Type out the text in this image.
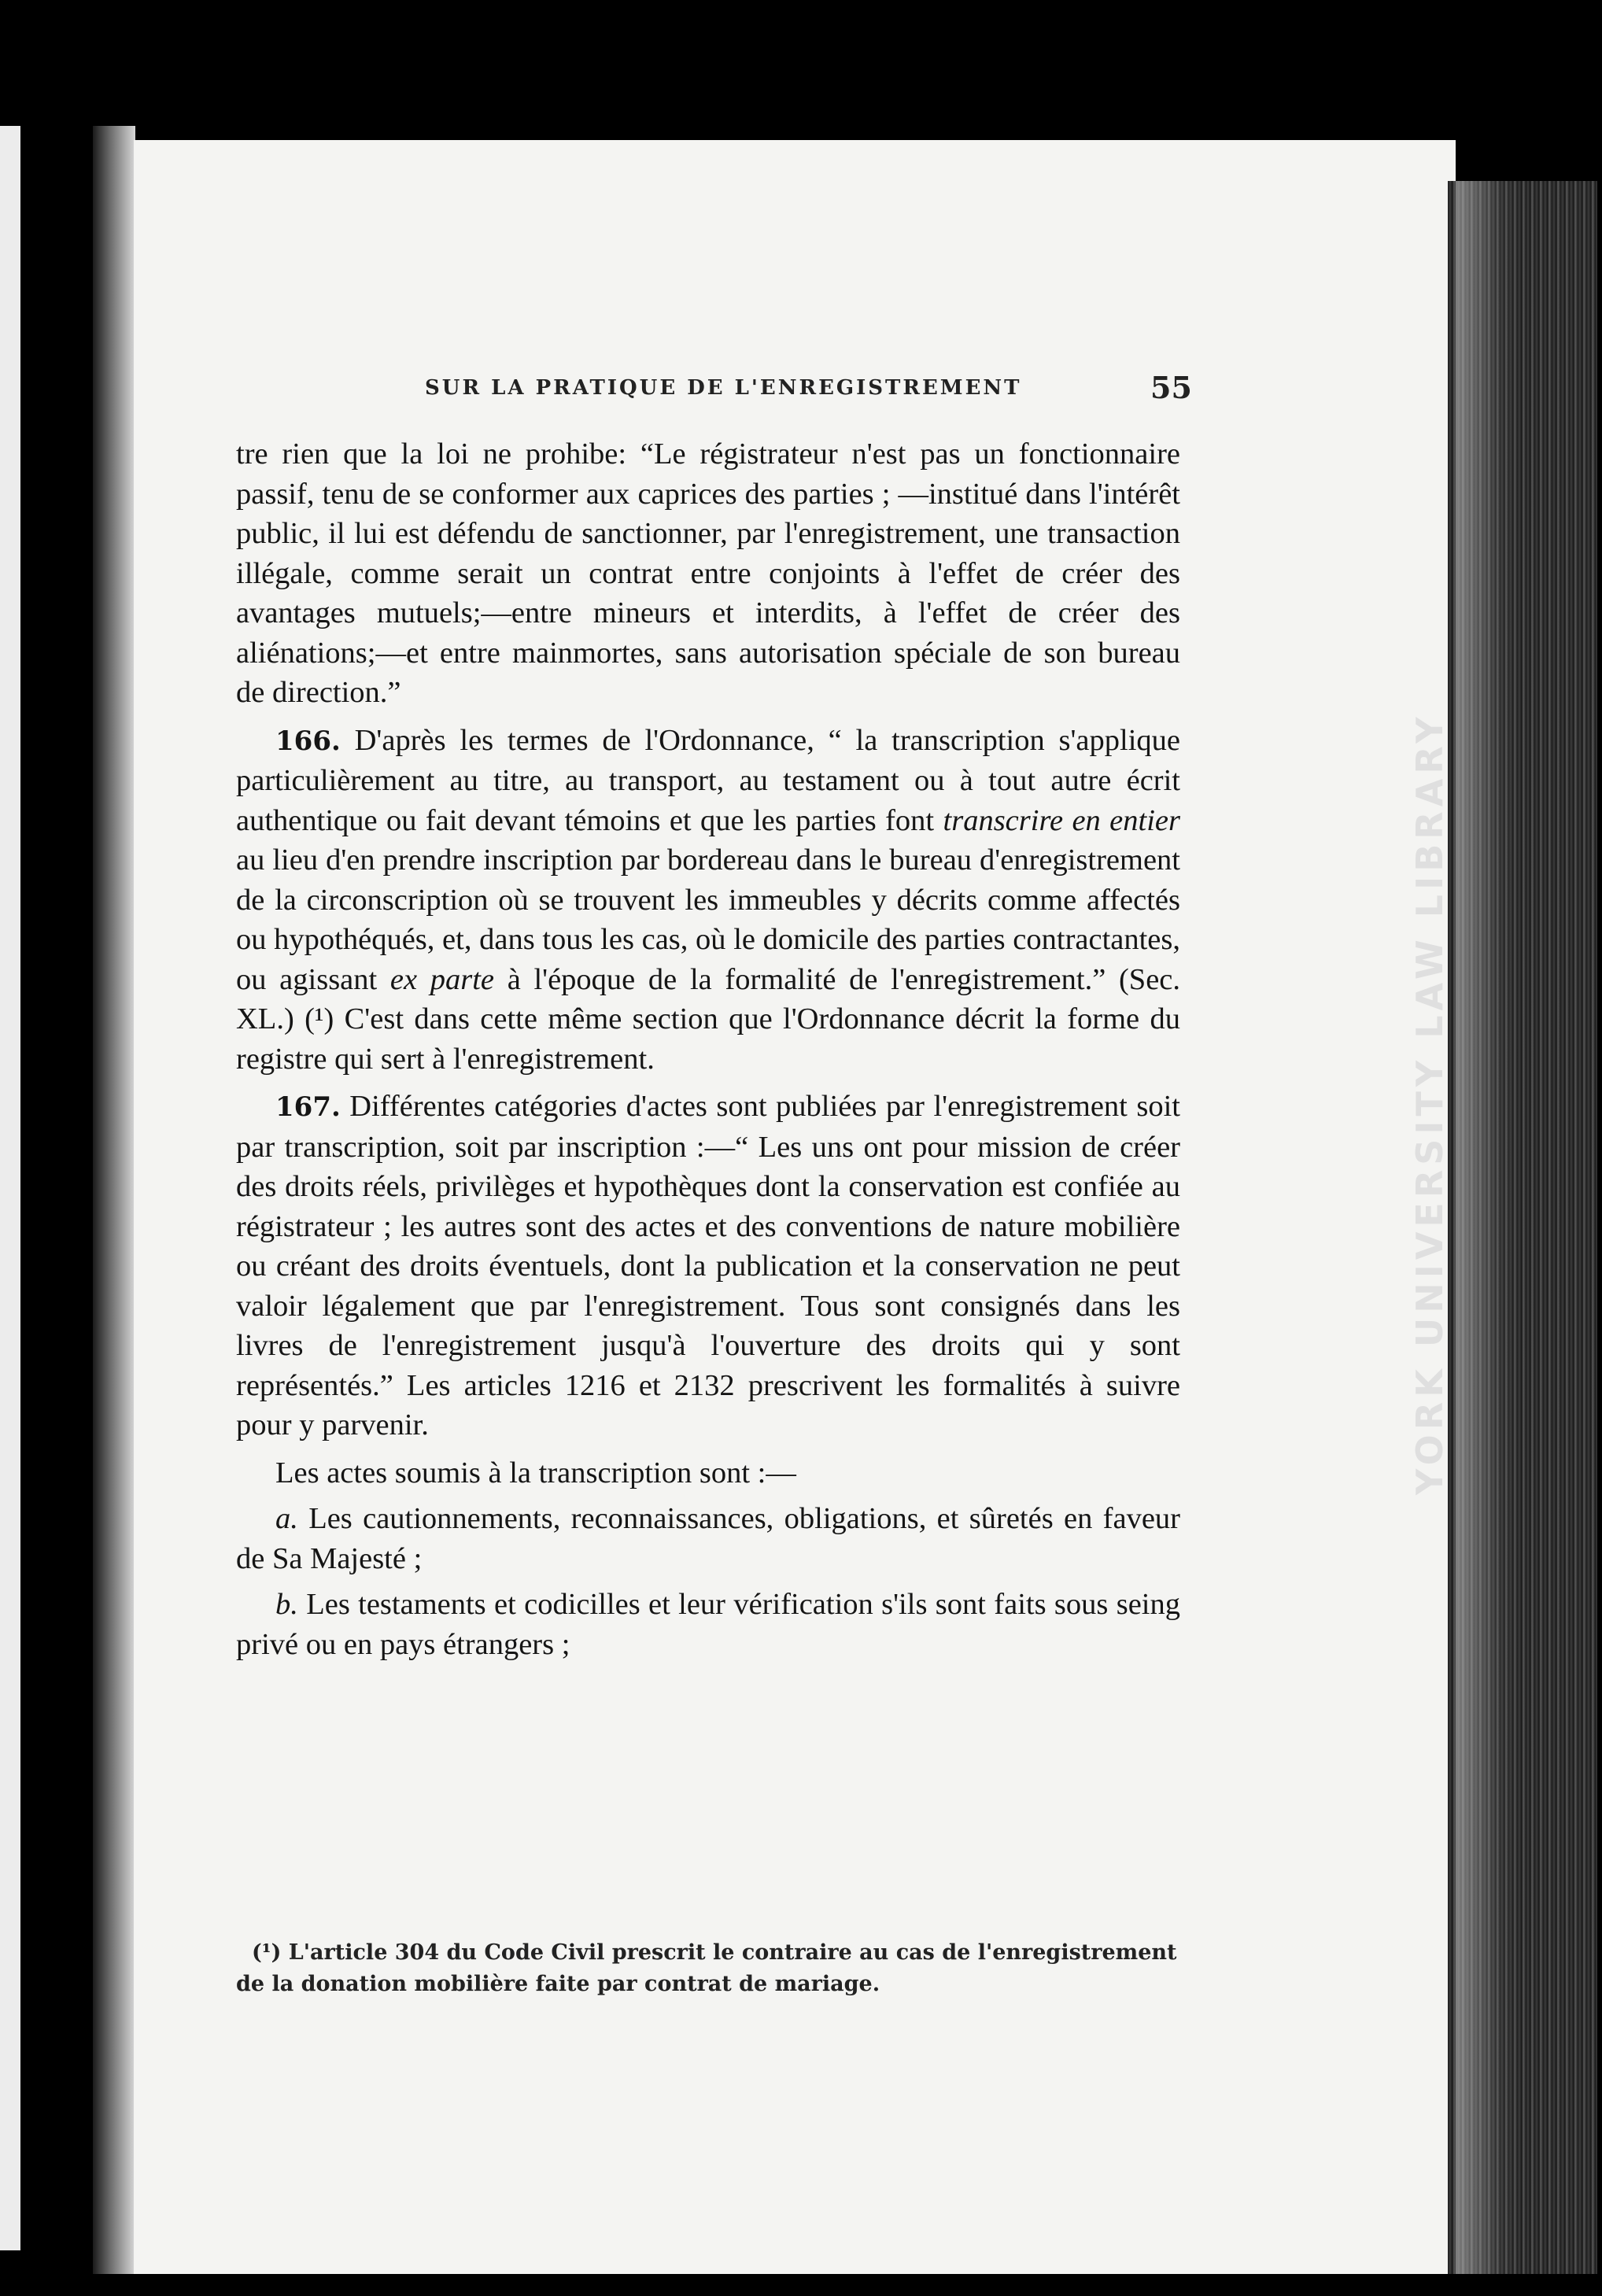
YORK UNIVERSITY LAW LIBRARY
SUR LA PRATIQUE DE L'ENREGISTREMENT	55

tre rien que la loi ne prohibe: “Le régistrateur n'est pas un fonctionnaire passif, tenu de se conformer aux caprices des parties ; —institué dans l'intérêt public, il lui est défendu de sanctionner, par l'enregistrement, une transaction illégale, comme serait un contrat entre conjoints à l'effet de créer des avantages mutuels;—entre mineurs et interdits, à l'effet de créer des aliénations;—et entre mainmortes, sans autorisation spéciale de son bureau de direction.”

166. D'après les termes de l'Ordonnance, “ la transcription s'applique particulièrement au titre, au transport, au testament ou à tout autre écrit authentique ou fait devant témoins et que les parties font transcrire en entier au lieu d'en prendre inscription par bordereau dans le bureau d'enregistrement de la circonscription où se trouvent les immeubles y décrits comme affectés ou hypothéqués, et, dans tous les cas, où le domicile des parties contractantes, ou agissant ex parte à l'époque de la formalité de l'enregistrement.” (Sec. XL.) (¹) C'est dans cette même section que l'Ordonnance décrit la forme du registre qui sert à l'enregistrement.

167. Différentes catégories d'actes sont publiées par l'enregistrement soit par transcription, soit par inscription :—“ Les uns ont pour mission de créer des droits réels, privilèges et hypothèques dont la conservation est confiée au régistrateur ; les autres sont des actes et des conventions de nature mobilière ou créant des droits éventuels, dont la publication et la conservation ne peut valoir légalement que par l'enregistrement. Tous sont consignés dans les livres de l'enregistrement jusqu'à l'ouverture des droits qui y sont représentés.” Les articles 1216 et 2132 prescrivent les formalités à suivre pour y parvenir.

Les actes soumis à la transcription sont :—

a. Les cautionnements, reconnaissances, obligations, et sûretés en faveur de Sa Majesté ;

b. Les testaments et codicilles et leur vérification s'ils sont faits sous seing privé ou en pays étrangers ;

(¹) L'article 304 du Code Civil prescrit le contraire au cas de l'enregistrement de la donation mobilière faite par contrat de mariage.
